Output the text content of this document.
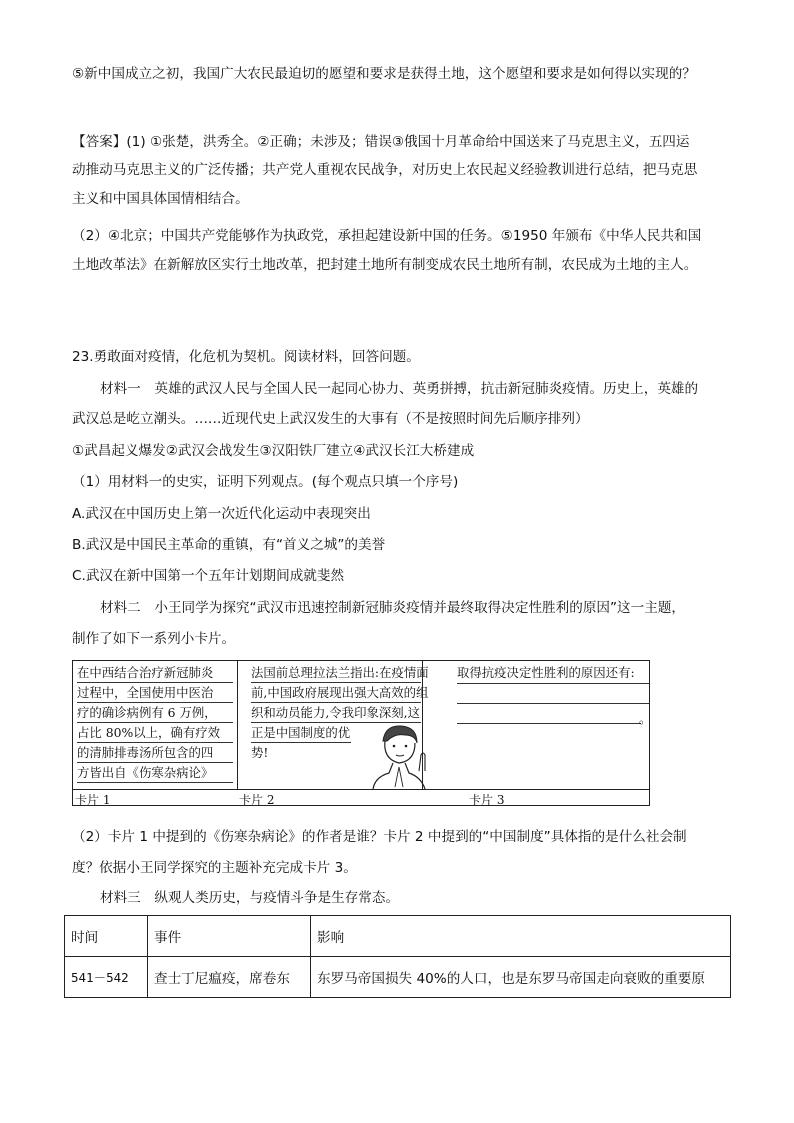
⑤新中国成立之初，我国广大农民最迫切的愿望和要求是获得土地，这个愿望和要求是如何得以实现的？
【答案】(1) ①张楚，洪秀全。②正确；未涉及；错误③俄国十月革命给中国送来了马克思主义，五四运
动推动马克思主义的广泛传播；共产党人重视农民战争，对历史上农民起义经验教训进行总结，把马克思
主义和中国具体国情相结合。
（2）④北京；中国共产党能够作为执政党，承担起建设新中国的任务。⑤1950 年颁布《中华人民共和国
土地改革法》在新解放区实行土地改革，把封建土地所有制变成农民土地所有制，农民成为土地的主人。
23.勇敢面对疫情，化危机为契机。阅读材料，回答问题。
材料一　英雄的武汉人民与全国人民一起同心协力、英勇拼搏，抗击新冠肺炎疫情。历史上，英雄的
武汉总是屹立潮头。……近现代史上武汉发生的大事有（不是按照时间先后顺序排列）
①武昌起义爆发②武汉会战发生③汉阳铁厂建立④武汉长江大桥建成
（1）用材料一的史实，证明下列观点。(每个观点只填一个序号)
A.武汉在中国历史上第一次近代化运动中表现突出
B.武汉是中国民主革命的重镇，有“首义之城”的美誉
C.武汉在新中国第一个五年计划期间成就斐然
材料二　小王同学为探究“武汉市迅速控制新冠肺炎疫情并最终取得决定性胜利的原因”这一主题，
制作了如下一系列小卡片。
在中西结合治疗新冠肺炎
过程中，全国使用中医治
疗的确诊病例有 6 万例，
占比 80%以上，确有疗效
的清肺排毒汤所包含的四
方皆出自《伤寒杂病论》
法国前总理拉法兰指出:在疫情面
前,中国政府展现出强大高效的组
织和动员能力,令我印象深刻,这
正是中国制度的优
势!
取得抗疫决定性胜利的原因还有:
。
卡片 1	卡片 2	卡片 3
（2）卡片 1 中提到的《伤寒杂病论》的作者是谁？卡片 2 中提到的“中国制度”具体指的是什么社会制
度？依据小王同学探究的主题补充完成卡片 3。
材料三　纵观人类历史，与疫情斗争是生存常态。
时间	事件	影响
541－542	查士丁尼瘟疫，席卷东	东罗马帝国损失 40%的人口，也是东罗马帝国走向衰败的重要原
